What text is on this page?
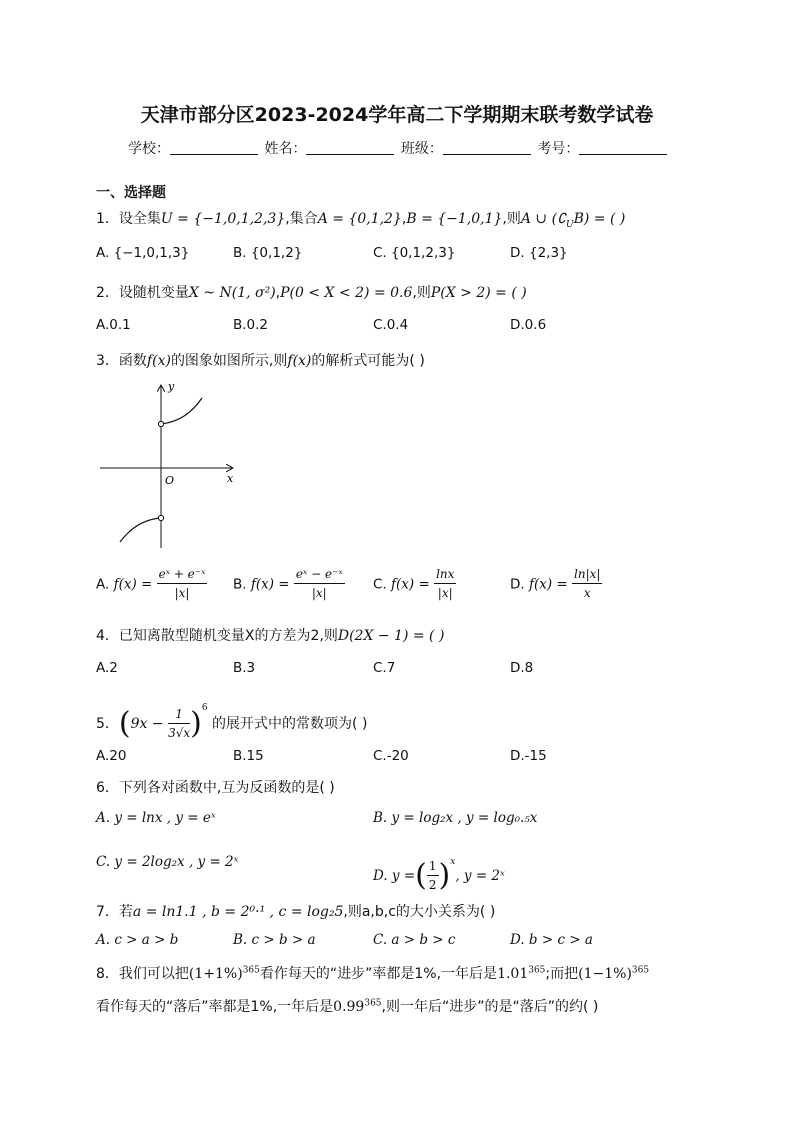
天津市部分区2023-2024学年高二下学期期末联考数学试卷
学校：	姓名：	班级：	考号：
一、选择题
1．设全集U = {−1,0,1,2,3},集合A = {0,1,2},B = {−1,0,1},则A ∪ $(∁_UB)$ = ( )
A. {−1,0,1,3}	B. {0,1,2}	C. {0,1,2,3}	D. {2,3}
2．设随机变量X ~ N(1, σ²),P(0 < X < 2) = 0.6,则P(X > 2) = ( )
A.0.1	B.0.2	C.0.4	D.0.6
3．函数f(x)的图象如图所示,则f(x)的解析式可能为( )
x
y
O
A. $f(x) = \frac{\text{eˣ + e⁻ˣ}}{|x|} B$. $f(x) = \frac{\text{eˣ − e⁻ˣ}}{|x|} C$. $f(x) = \frac{\ln x}{|x|}$	D. $f(x) = \frac{\ln|x|}{x}$
4．已知离散型随机变量X的方差为2,则D(2X − 1) = ( )
A.2	B.3	C.7	D.8
5．$(9x - \frac{1}{3√x} )^6$ 的展开式中的常数项为( )
A.20	B.15	C.-20	D.-15
6．下列各对函数中,互为反函数的是( )
A. y = lnx , y = eˣ	B. y = log₂x , y = log₀.₅x
C. y = 2log₂x , y = 2ˣ
D. y =( $\frac{1}{2} )^x$, y = 2ˣ
7．若a = ln1.1 , b = 2⁰·¹ , c = log₂5,则a,b,c的大小关系为( )
A. c > a > b	B. c > b > a	C. a > b > c	D. b > c > a
8．我们可以把$(1+1\%)^{365}$看作每天的“进步”率都是1%,一年后是1.01$^{365}$;而把$(1-1\%)^{365}$
看作每天的“落后”率都是1%,一年后是0.99$^{365}$,则一年后“进步”的是“落后”的约( )
